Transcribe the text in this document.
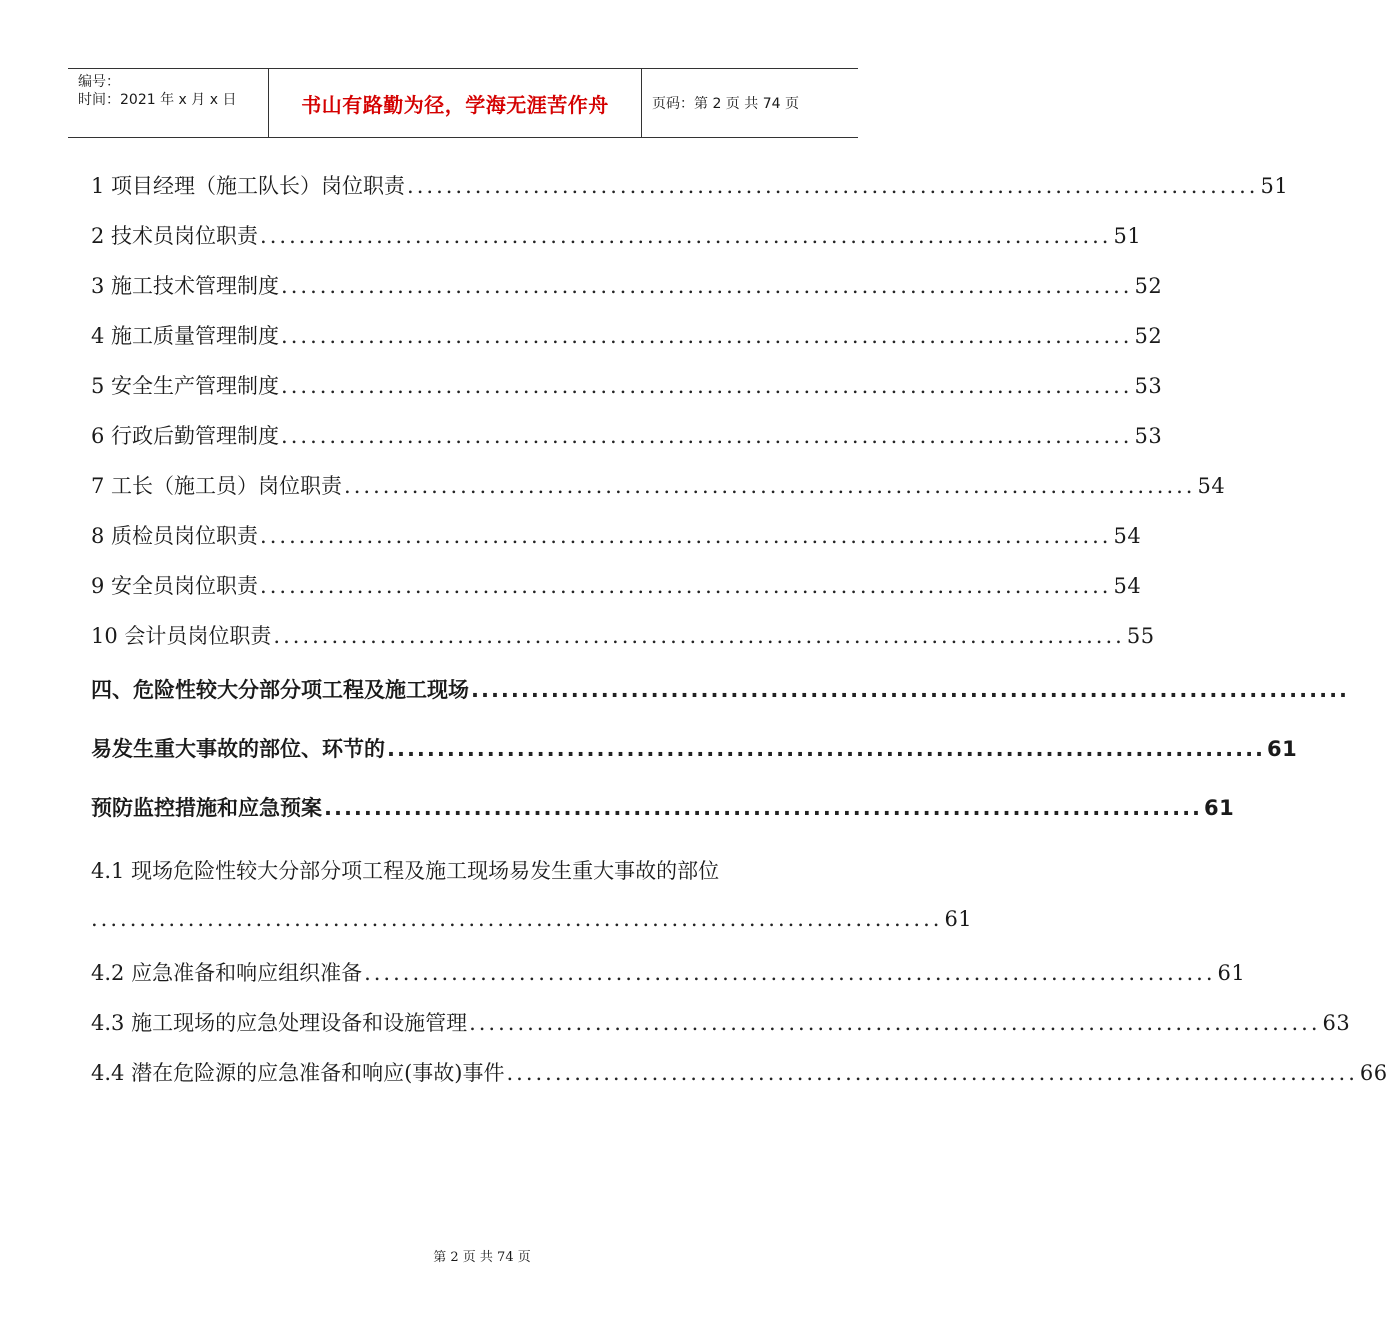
编号：
时间：2021 年 x 月 x 日	书山有路勤为径，学海无涯苦作舟	页码：第 2 页 共 74 页
1 项目经理（施工队长）岗位职责 ........................................................................................ 51
2 技术员岗位职责 ........................................................................................ 51
3 施工技术管理制度 ........................................................................................ 52
4 施工质量管理制度 ........................................................................................ 52
5 安全生产管理制度 ........................................................................................ 53
6 行政后勤管理制度 ........................................................................................ 53
7 工长（施工员）岗位职责 ........................................................................................ 54
8 质检员岗位职责 ........................................................................................ 54
9 安全员岗位职责 ........................................................................................ 54
10 会计员岗位职责 ........................................................................................ 55
四、危险性较大分部分项工程及施工现场 ........................................................................................
易发生重大事故的部位、环节的 ........................................................................................ 61
预防监控措施和应急预案 ........................................................................................ 61
4.1 现场危险性较大分部分项工程及施工现场易发生重大事故的部位
........................................................................................ 61
4.2 应急准备和响应组织准备 ........................................................................................ 61
4.3 施工现场的应急处理设备和设施管理 ........................................................................................ 63
4.4 潜在危险源的应急准备和响应(事故)事件 ........................................................................................ 66
第 2 页 共 74 页
